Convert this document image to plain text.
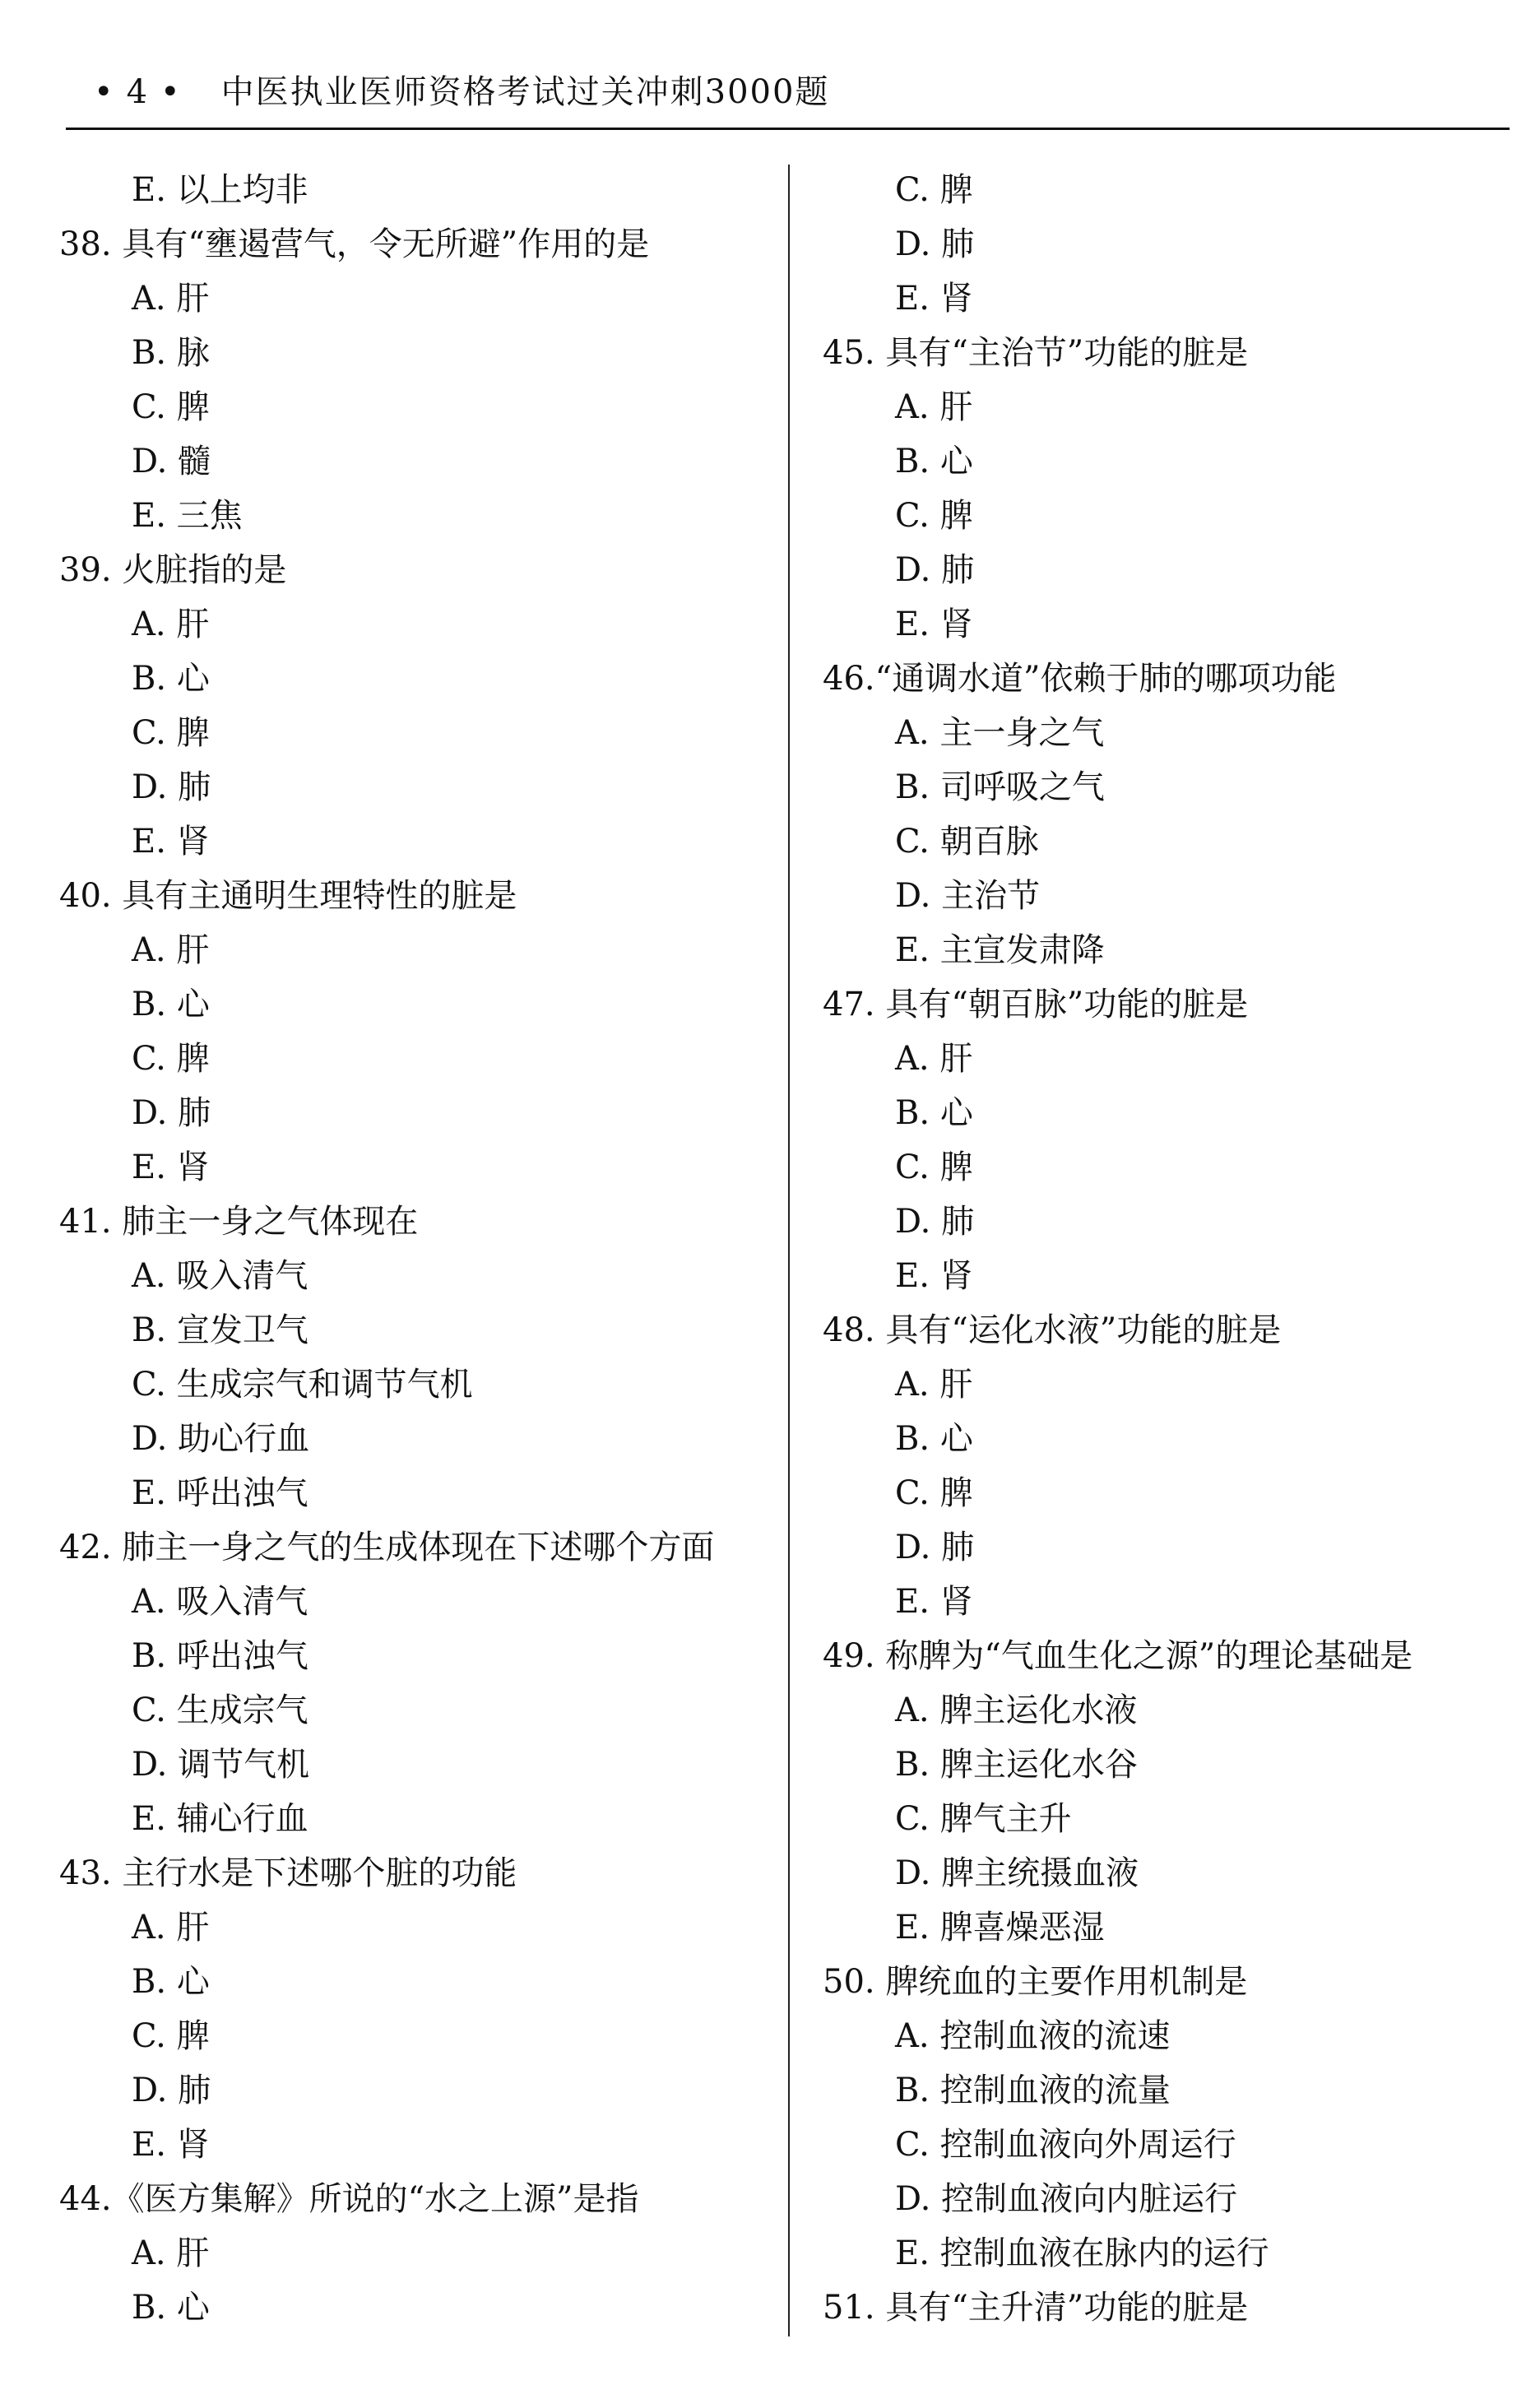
• 4 • 中医执业医师资格考试过关冲刺3000题
E. 以上均非
38. 具有“壅遏营气，令无所避”作用的是
A. 肝
B. 脉
C. 脾
D. 髓
E. 三焦
39. 火脏指的是
A. 肝
B. 心
C. 脾
D. 肺
E. 肾
40. 具有主通明生理特性的脏是
A. 肝
B. 心
C. 脾
D. 肺
E. 肾
41. 肺主一身之气体现在
A. 吸入清气
B. 宣发卫气
C. 生成宗气和调节气机
D. 助心行血
E. 呼出浊气
42. 肺主一身之气的生成体现在下述哪个方面
A. 吸入清气
B. 呼出浊气
C. 生成宗气
D. 调节气机
E. 辅心行血
43. 主行水是下述哪个脏的功能
A. 肝
B. 心
C. 脾
D. 肺
E. 肾
44.《医方集解》所说的“水之上源”是指
A. 肝
B. 心
C. 脾
D. 肺
E. 肾
45. 具有“主治节”功能的脏是
A. 肝
B. 心
C. 脾
D. 肺
E. 肾
46.“通调水道”依赖于肺的哪项功能
A. 主一身之气
B. 司呼吸之气
C. 朝百脉
D. 主治节
E. 主宣发肃降
47. 具有“朝百脉”功能的脏是
A. 肝
B. 心
C. 脾
D. 肺
E. 肾
48. 具有“运化水液”功能的脏是
A. 肝
B. 心
C. 脾
D. 肺
E. 肾
49. 称脾为“气血生化之源”的理论基础是
A. 脾主运化水液
B. 脾主运化水谷
C. 脾气主升
D. 脾主统摄血液
E. 脾喜燥恶湿
50. 脾统血的主要作用机制是
A. 控制血液的流速
B. 控制血液的流量
C. 控制血液向外周运行
D. 控制血液向内脏运行
E. 控制血液在脉内的运行
51. 具有“主升清”功能的脏是
